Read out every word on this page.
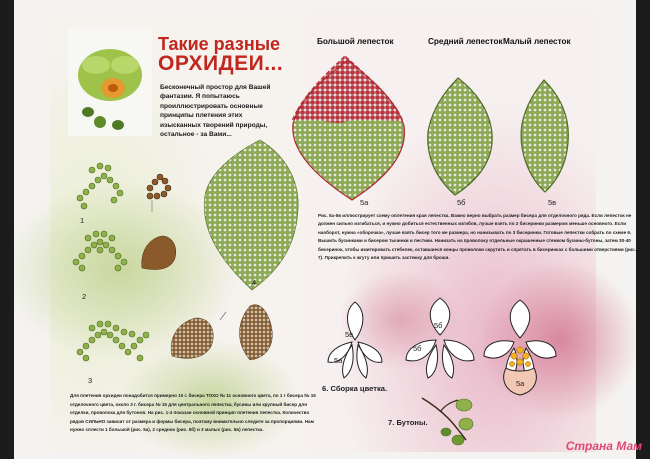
Такие разные
ОРХИДЕИ...
Бесконечный простор для Вашей фантазии. Я попытаюсь проиллюстрировать основные принципы плетения этих изысканных творений природы, остальное - за Вами...
Большой лепесток	Средний лепесток Малый лепесток
5а	5б	5в
1
2
3
4
Рис. 5а-5в иллюстрирует схему оплетения края лепестка. Важно верно выбрать размер бисера для отделочного ряда. Если лепесток не должен сильно изгибаться, и нужно добиться естественных изгибов, лучше взять по 2 бисеринки размером меньше основного. Если наоборот, нужна «оборочка», лучше взять бисер того же размера, но нанизывать по 3 бисеринки. Готовые лепестки собрать по схеме 6. Вышить бусинками и бисером тычинки и пестики. Нанизать на проволоку отдельные окрашенные стежком бусины-бутоны, затем 30-40 бисеринок, чтобы имитировать стебелек, оставшиеся концы проволоки скрутить и спрятать в бисеринках с большими отверстиями (рис. 7). Прикрепить к жгуту или пришить застежку для броши.
5а
5в
5б
5б
5а
6. Сборка цветка.
7. Бутоны.
Для плетения орхидеи понадобится примерно 10 г. бисера ТОХО № 11 основного цвета, по 1 г бисера № 15 отделочного цвета, около 3 г. бисера № 15 для центрального лепестка, бусины или крупный бисер для отделки, проволока для бутонов. На рис. 1-4 показан основной принцип плетения лепестка. Количество рядов СИЛЬНО зависит от размера и формы бисера, поэтому внимательно следите за пропорциями. Нам нужно сплести 1 большой (рис. 5а), 2 средних (рис. 5б) и 3 малых (рис. 5в) лепестка.
Страна Мам
